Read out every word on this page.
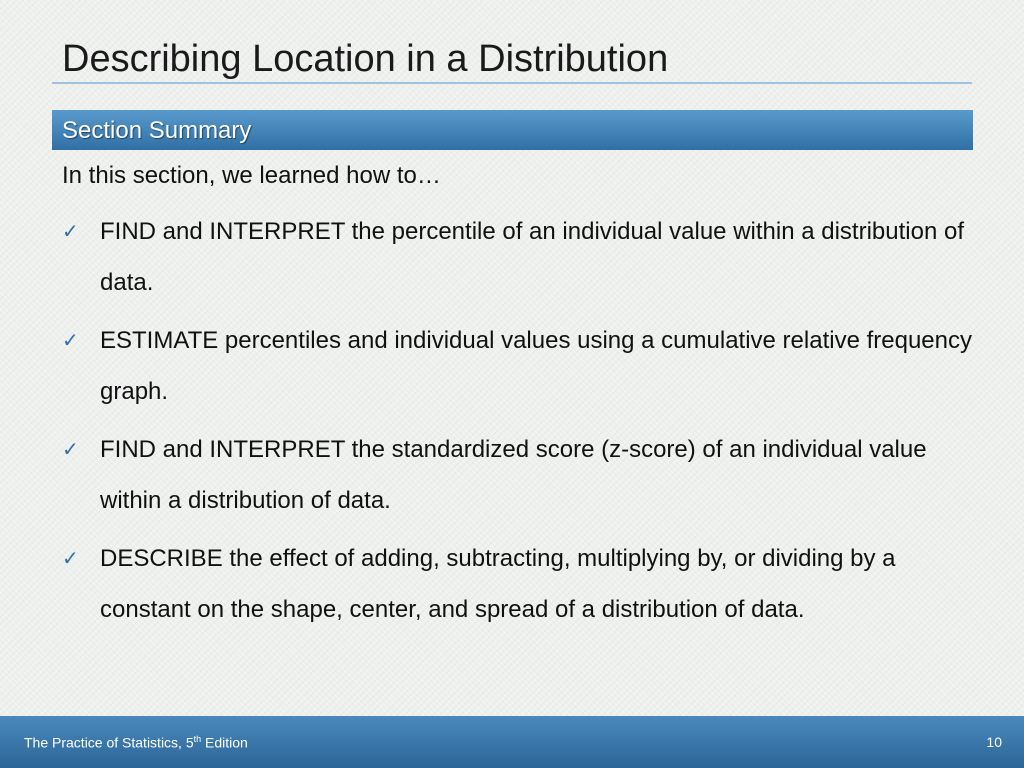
Describing Location in a Distribution
Section Summary
In this section, we learned how to…
✓ FIND and INTERPRET the percentile of an individual value within a distribution of data.
✓ ESTIMATE percentiles and individual values using a cumulative relative frequency graph.
✓ FIND and INTERPRET the standardized score (z-score) of an individual value within a distribution of data.
✓ DESCRIBE the effect of adding, subtracting, multiplying by, or dividing by a constant on the shape, center, and spread of a distribution of data.
The Practice of Statistics, 5th Edition	10
